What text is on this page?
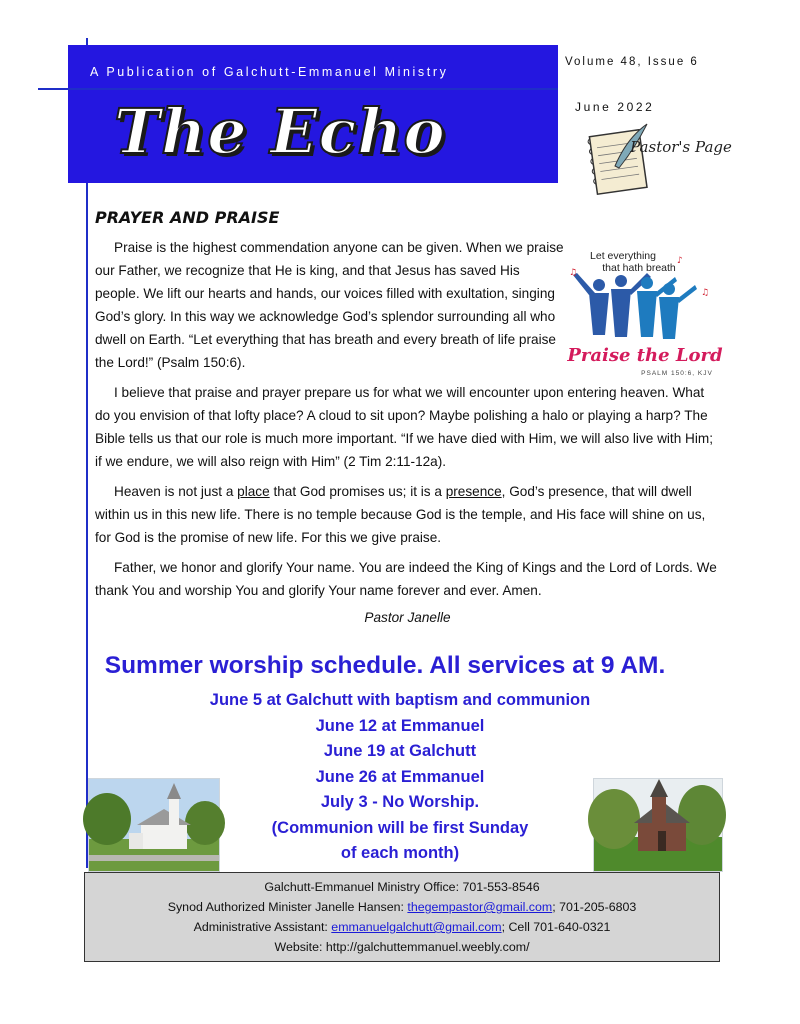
A Publication of Galchutt-Emmanuel Ministry
The Echo
Volume 48, Issue 6
June 2022
Pastor's Page
PRAYER AND PRAISE
Let everything
that hath breath
♫
♪
♫
Praise the Lord
PSALM 150:6, KJV

Praise is the highest commendation anyone can be given. When we praise our Father, we recognize that He is king, and that Jesus has saved His people. We lift our hearts and hands, our voices filled with exultation, singing God’s glory. In this way we acknowledge God’s splendor surrounding all who dwell on Earth. “Let everything that has breath and every breath of life praise the Lord!” (Psalm 150:6).

I believe that praise and prayer prepare us for what we will encounter upon entering heaven. What do you envision of that lofty place? A cloud to sit upon? Maybe polishing a halo or playing a harp? The Bible tells us that our role is much more important. “If we have died with Him, we will also live with Him; if we endure, we will also reign with Him” (2 Tim 2:11-12a).

Heaven is not just a place that God promises us; it is a presence, God’s presence, that will dwell within us in this new life. There is no temple because God is the temple, and His face will shine on us, for God is the promise of new life. For this we give praise.

Father, we honor and glorify Your name. You are indeed the King of Kings and the Lord of Lords. We thank You and worship You and glorify Your name forever and ever. Amen.

Pastor Janelle

Summer worship schedule. All services at 9 AM.
June 5 at Galchutt with baptism and communion
June 12 at Emmanuel
June 19 at Galchutt
June 26 at Emmanuel
July 3 - No Worship.
(Communion will be first Sunday
of each month)
Galchutt-Emmanuel Ministry Office: 701-553-8546
Synod Authorized Minister Janelle Hansen: thegempastor@gmail.com; 701-205-6803
Administrative Assistant: emmanuelgalchutt@gmail.com; Cell 701-640-0321
Website: http://galchuttemmanuel.weebly.com/
